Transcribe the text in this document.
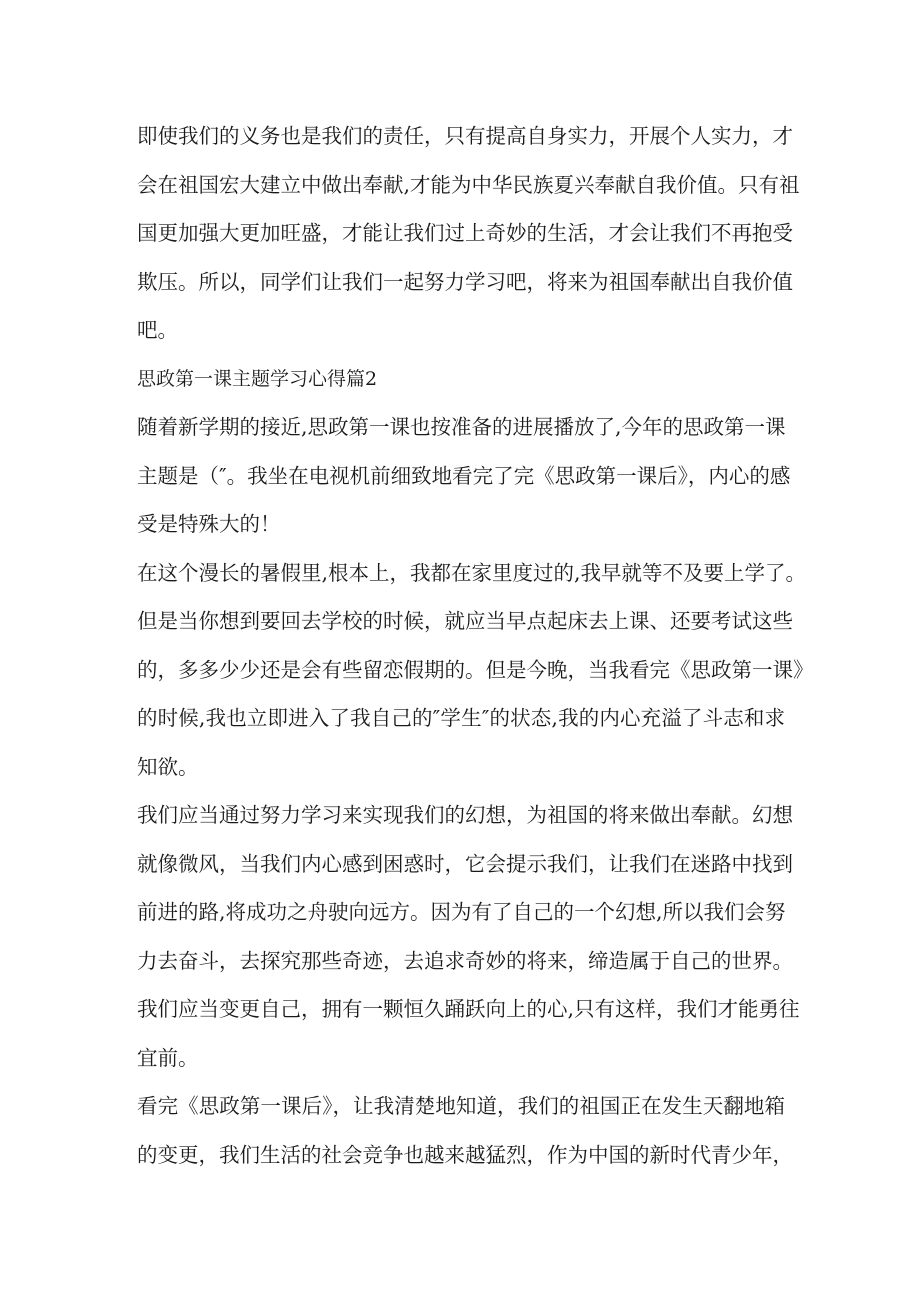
即使我们的义务也是我们的责任，只有提高自身实力，开展个人实力，才
会在祖国宏大建立中做出奉献,才能为中华民族夏兴奉献自我价值。只有祖
国更加强大更加旺盛，才能让我们过上奇妙的生活，才会让我们不再抱受
欺压。所以，同学们让我们一起努力学习吧，将来为祖国奉献出自我价值
吧。
思政第一课主题学习心得篇2
随着新学期的接近,思政第一课也按准备的进展播放了,今年的思政第一课
主题是（″。我坐在电视机前细致地看完了完《思政第一课后》，内心的感
受是特殊大的！
在这个漫长的暑假里,根本上，我都在家里度过的,我早就等不及要上学了。
但是当你想到要回去学校的时候，就应当早点起床去上课、还要考试这些
的，多多少少还是会有些留恋假期的。但是今晚，当我看完《思政第一课》
的时候,我也立即进入了我自己的″学生″的状态,我的内心充溢了斗志和求
知欲。
我们应当通过努力学习来实现我们的幻想，为祖国的将来做出奉献。幻想
就像微风，当我们内心感到困惑时，它会提示我们，让我们在迷路中找到
前进的路,将成功之舟驶向远方。因为有了自己的一个幻想,所以我们会努
力去奋斗，去探究那些奇迹，去追求奇妙的将来，缔造属于自己的世界。
我们应当变更自己，拥有一颗恒久踊跃向上的心,只有这样，我们才能勇往
宜前。
看完《思政第一课后》，让我清楚地知道，我们的祖国正在发生天翻地箱
的变更，我们生活的社会竞争也越来越猛烈，作为中国的新时代青少年，
